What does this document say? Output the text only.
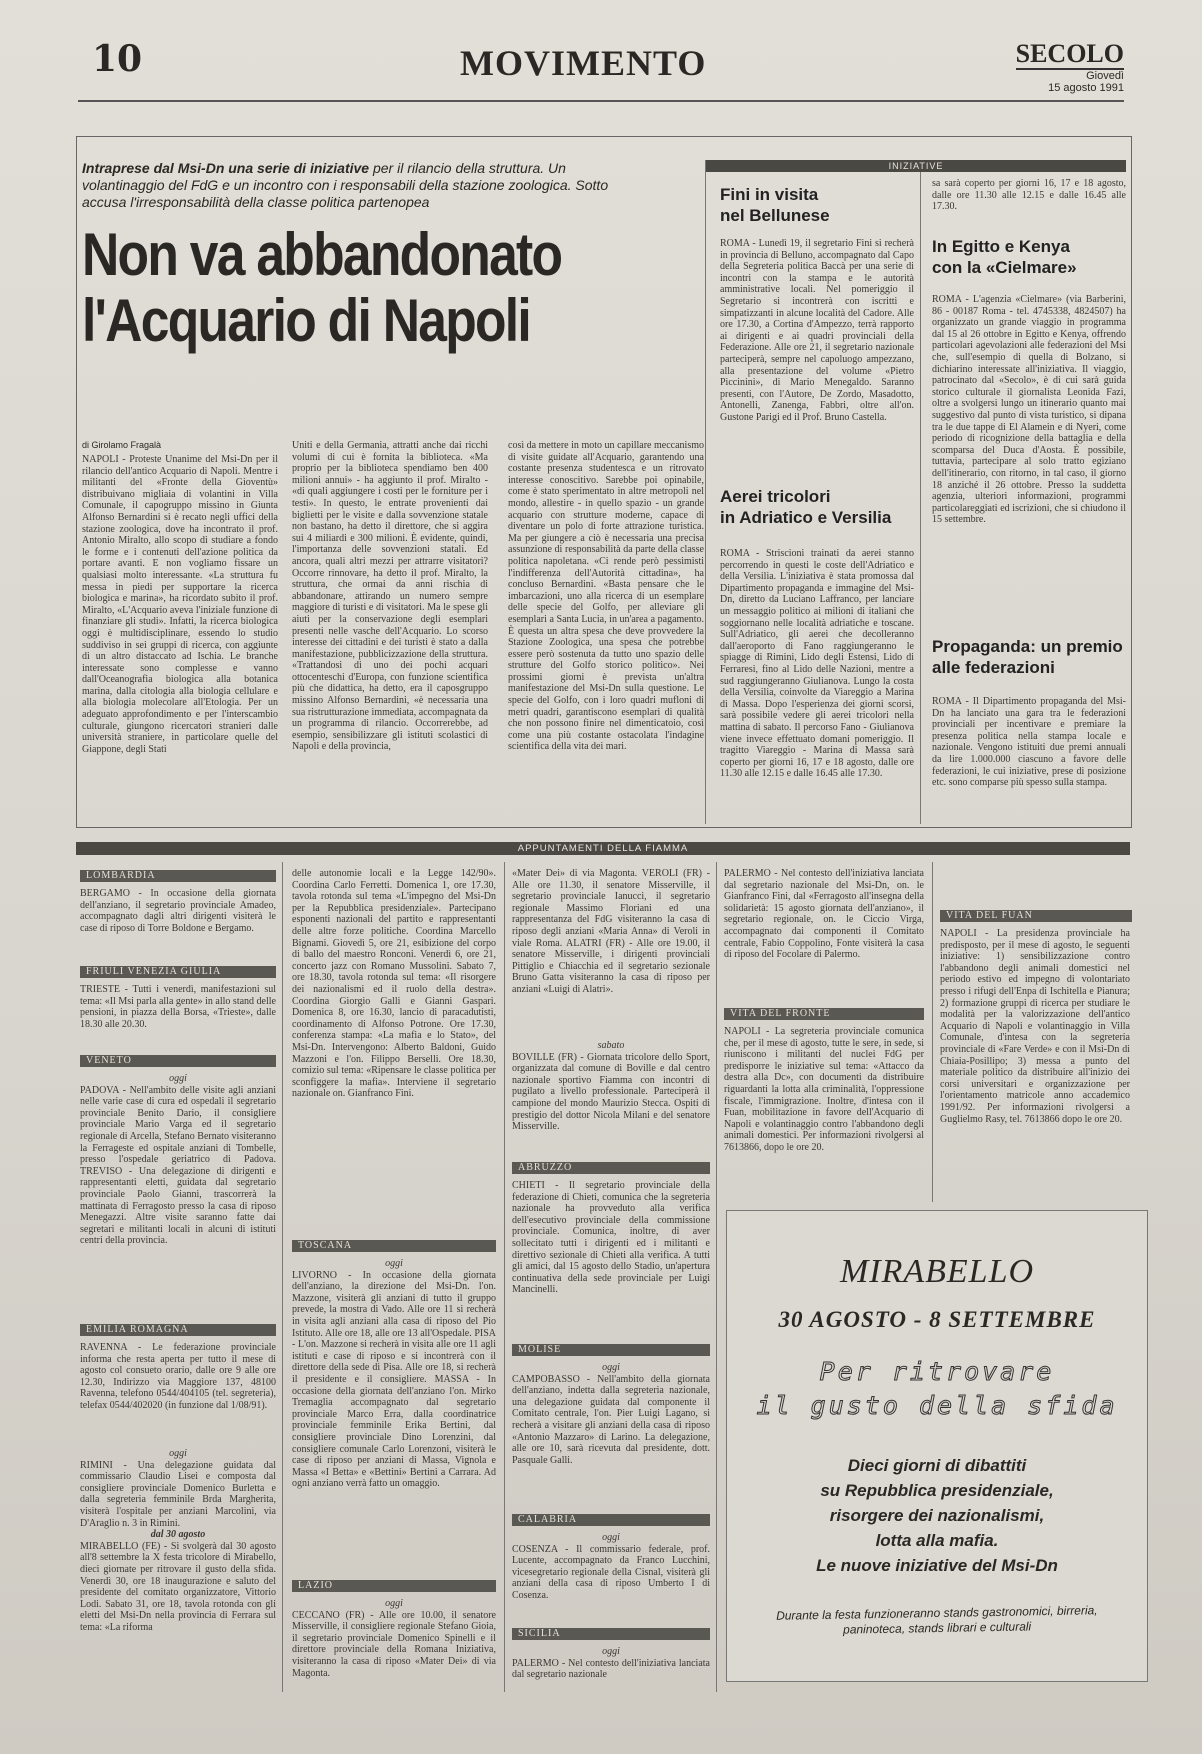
10	MOVIMENTO	SECOLO
Giovedì
15 agosto 1991
Intraprese dal Msi-Dn una serie di iniziative per il rilancio della struttura. Un volantinaggio del FdG e un incontro con i responsabili della stazione zoologica. Sotto accusa l'irresponsabilità della classe politica partenopea
Non va abbandonato
l'Acquario di Napoli
di Girolamo Fragalà
NAPOLI - Proteste Unanime del Msi-Dn per il rilancio dell'antico Acquario di Napoli. Mentre i militanti del «Fronte della Gioventù» distribuivano migliaia di volantini in Villa Comunale, il capogruppo missino in Giunta Alfonso Bernardini si è recato negli uffici della stazione zoologica, dove ha incontrato il prof. Antonio Miralto, allo scopo di studiare a fondo le forme e i contenuti dell'azione politica da portare avanti. E non vogliamo fissare un qualsiasi molto interessante. «La struttura fu messa in piedi per supportare la ricerca biologica e marina», ha ricordato subito il prof. Miralto, «L'Acquario aveva l'iniziale funzione di finanziare gli studi». Infatti, la ricerca biologica oggi è multidisciplinare, essendo lo studio suddiviso in sei gruppi di ricerca, con aggiunte di un altro distaccato ad Ischia. Le branche interessate sono complesse e vanno dall'Oceanografia biologica alla botanica marina, dalla citologia alla biologia cellulare e alla biologia molecolare all'Etologia. Per un adeguato approfondimento e per l'interscambio culturale, giungono ricercatori stranieri dalle università straniere, in particolare quelle del Giappone, degli Stati
Uniti e della Germania, attratti anche dai ricchi volumi di cui è fornita la biblioteca. «Ma proprio per la biblioteca spendiamo ben 400 milioni annui» - ha aggiunto il prof. Miralto - «di quali aggiungere i costi per le forniture per i testi». In questo, le entrate provenienti dai biglietti per le visite e dalla sovvenzione statale non bastano, ha detto il direttore, che si aggira sui 4 miliardi e 300 milioni. È evidente, quindi, l'importanza delle sovvenzioni statali. Ed ancora, quali altri mezzi per attrarre visitatori? Occorre rinnovare, ha detto il prof. Miralto, la struttura, che ormai da anni rischia di abbandonare, attirando un numero sempre maggiore di turisti e di visitatori. Ma le spese gli aiuti per la conservazione degli esemplari presenti nelle vasche dell'Acquario. Lo scorso interesse dei cittadini e dei turisti è stato a dalla manifestazione, pubblicizzazione della struttura. «Trattandosi di uno dei pochi acquari ottocenteschi d'Europa, con funzione scientifica più che didattica, ha detto, era il caposgruppo missino Alfonso Bernardini, «è necessaria una sua ristrutturazione immediata, accompagnata da un programma di rilancio. Occorrerebbe, ad esempio, sensibilizzare gli istituti scolastici di Napoli e della provincia,
così da mettere in moto un capillare meccanismo di visite guidate all'Acquario, garantendo una costante presenza studentesca e un ritrovato interesse conoscitivo. Sarebbe poi opinabile, come è stato sperimentato in altre metropoli nel mondo, allestire - in quello spazio - un grande acquario con strutture moderne, capace di diventare un polo di forte attrazione turistica. Ma per giungere a ciò è necessaria una precisa assunzione di responsabilità da parte della classe politica napoletana. «Ci rende però pessimisti l'indifferenza dell'Autorità cittadina», ha concluso Bernardini. «Basta pensare che le imbarcazioni, uno alla ricerca di un esemplare delle specie del Golfo, per alleviare gli esemplari a Santa Lucia, in un'area a pagamento. È questa un altra spesa che deve provvedere la Stazione Zoologica, una spesa che potrebbe essere però sostenuta da tutto uno spazio delle strutture del Golfo storico politico». Nei prossimi giorni è prevista un'altra manifestazione del Msi-Dn sulla questione. Le specie del Golfo, con i loro quadri mufloni di metri quadri, garantiscono esemplari di qualità che non possono finire nel dimenticatoio, così come una più costante ostacolata l'indagine scientifica della vita dei mari.
INIZIATIVE
Fini in visita
nel Bellunese
ROMA - Lunedì 19, il segretario Fini si recherà in provincia di Belluno, accompagnato dal Capo della Segreteria politica Baccà per una serie di incontri con la stampa e le autorità amministrative locali. Nel pomeriggio il Segretario si incontrerà con iscritti e simpatizzanti in alcune località del Cadore. Alle ore 17.30, a Cortina d'Ampezzo, terrà rapporto ai dirigenti e ai quadri provinciali della Federazione. Alle ore 21, il segretario nazionale parteciperà, sempre nel capoluogo ampezzano, alla presentazione del volume «Pietro Piccinini», di Mario Menegaldo. Saranno presenti, con l'Autore, De Zordo, Masadotto, Antonelli, Zanenga, Fabbri, oltre all'on. Gustone Parigi ed il Prof. Bruno Castella.
Aerei tricolori
in Adriatico e Versilia
ROMA - Striscioni trainati da aerei stanno percorrendo in questi le coste dell'Adriatico e della Versilia. L'iniziativa è stata promossa dal Dipartimento propaganda e immagine del Msi-Dn, diretto da Luciano Laffranco, per lanciare un messaggio politico ai milioni di italiani che soggiornano nelle località adriatiche e toscane. Sull'Adriatico, gli aerei che decolleranno dall'aeroporto di Fano raggiungeranno le spiagge di Rimini, Lido degli Estensi, Lido di Ferraresi, fino al Lido delle Nazioni, mentre a sud raggiungeranno Giulianova. Lungo la costa della Versilia, coinvolte da Viareggio a Marina di Massa. Dopo l'esperienza dei giorni scorsi, sarà possibile vedere gli aerei tricolori nella mattina di sabato. Il percorso Fano - Giulianova viene invece effettuato domani pomeriggio. Il tragitto Viareggio - Marina di Massa sarà coperto per giorni 16, 17 e 18 agosto, dalle ore 11.30 alle 12.15 e dalle 16.45 alle 17.30.
sa sarà coperto per giorni 16, 17 e 18 agosto, dalle ore 11.30 alle 12.15 e dalle 16.45 alle 17.30.
In Egitto e Kenya
con la «Cielmare»
ROMA - L'agenzia «Cielmare» (via Barberini, 86 - 00187 Roma - tel. 4745338, 4824507) ha organizzato un grande viaggio in programma dal 15 al 26 ottobre in Egitto e Kenya, offrendo particolari agevolazioni alle federazioni del Msi che, sull'esempio di quella di Bolzano, si dichiarino interessate all'iniziativa. Il viaggio, patrocinato dal «Secolo», è di cui sarà guida storico culturale il giornalista Leonida Fazi, oltre a svolgersi lungo un itinerario quanto mai suggestivo dal punto di vista turistico, si dipana tra le due tappe di El Alamein e di Nyeri, come periodo di ricognizione della battaglia e della scomparsa del Duca d'Aosta. È possibile, tuttavia, partecipare al solo tratto egiziano dell'itinerario, con ritorno, in tal caso, il giorno 18 anziché il 26 ottobre. Presso la suddetta agenzia, ulteriori informazioni, programmi particolareggiati ed iscrizioni, che si chiudono il 15 settembre.
Propaganda: un premio
alle federazioni
ROMA - Il Dipartimento propaganda del Msi-Dn ha lanciato una gara tra le federazioni provinciali per incentivare e premiare la presenza politica nella stampa locale e nazionale. Vengono istituiti due premi annuali da lire 1.000.000 ciascuno a favore delle federazioni, le cui iniziative, prese di posizione etc. sono comparse più spesso sulla stampa.
APPUNTAMENTI DELLA FIAMMA
LOMBARDIA
BERGAMO - In occasione della giornata dell'anziano, il segretario provinciale Amadeo, accompagnato dagli altri dirigenti visiterà le case di riposo di Torre Boldone e Bergamo.
FRIULI VENEZIA GIULIA
TRIESTE - Tutti i venerdì, manifestazioni sul tema: «Il Msi parla alla gente» in allo stand delle pensioni, in piazza della Borsa, «Trieste», dalle 18.30 alle 20.30.
VENETO
oggi
PADOVA - Nell'ambito delle visite agli anziani nelle varie case di cura ed ospedali il segretario provinciale Benito Dario, il consigliere provinciale Mario Varga ed il segretario regionale di Arcella, Stefano Bernato visiteranno la Ferrageste ed ospitale anziani di Tombelle, presso l'ospedale geriatrico di Padova. TREVISO - Una delegazione di dirigenti e rappresentanti eletti, guidata dal segretario provinciale Paolo Gianni, trascorrerà la mattinata di Ferragosto presso la casa di riposo Menegazzi. Altre visite saranno fatte dai segretari e militanti locali in alcuni di istituti centri della provincia.
EMILIA ROMAGNA
RAVENNA - Le federazione provinciale informa che resta aperta per tutto il mese di agosto col consueto orario, dalle ore 9 alle ore 12.30, Indirizzo via Maggiore 137, 48100 Ravenna, telefono 0544/404105 (tel. segreteria), telefax 0544/402020 (in funzione dal 1/08/91).
oggi
RIMINI - Una delegazione guidata dal commissario Claudio Lisei e composta dal consigliere provinciale Domenico Burletta e dalla segreteria femminile Brda Margherita, visiterà l'ospitale per anziani Marcolini, via D'Araglio n. 3 in Rimini.
dal 30 agosto
MIRABELLO (FE) - Si svolgerà dal 30 agosto all'8 settembre la X festa tricolore di Mirabello, dieci giornate per ritrovare il gusto della sfida. Venerdì 30, ore 18 inaugurazione e saluto del presidente del comitato organizzatore, Vittorio Lodi. Sabato 31, ore 18, tavola rotonda con gli eletti del Msi-Dn nella provincia di Ferrara sul tema: «La riforma
delle autonomie locali e la Legge 142/90». Coordina Carlo Ferretti. Domenica 1, ore 17.30, tavola rotonda sul tema «L'impegno del Msi-Dn per la Repubblica presidenziale». Partecipano esponenti nazionali del partito e rappresentanti delle altre forze politiche. Coordina Marcello Bignami. Giovedì 5, ore 21, esibizione del corpo di ballo del maestro Ronconi. Venerdì 6, ore 21, concerto jazz con Romano Mussolini. Sabato 7, ore 18.30, tavola rotonda sul tema: «Il risorgere dei nazionalismi ed il ruolo della destra». Coordina Giorgio Galli e Gianni Gaspari. Domenica 8, ore 16.30, lancio di paracadutisti, coordinamento di Alfonso Potrone. Ore 17.30, conferenza stampa: «La mafia e lo Stato», del Msi-Dn. Intervengono: Alberto Baldoni, Guido Mazzoni e l'on. Filippo Berselli. Ore 18.30, comizio sul tema: «Ripensare le classe politica per sconfiggere la mafia». Interviene il segretario nazionale on. Gianfranco Fini.
TOSCANA
oggi
LIVORNO - In occasione della giornata dell'anziano, la direzione del Msi-Dn. l'on. Mazzone, visiterà gli anziani di tutto il gruppo prevede, la mostra di Vado. Alle ore 11 si recherà in visita agli anziani alla casa di riposo del Pio Istituto. Alle ore 18, alle ore 13 all'Ospedale. PISA - L'on. Mazzone si recherà in visita alle ore 11 agli istituti e case di riposo e si incontrerà con il direttore della sede di Pisa. Alle ore 18, si recherà il presidente e il consigliere. MASSA - In occasione della giornata dell'anziano l'on. Mirko Tremaglia accompagnato dal segretario provinciale Marco Erra, dalla coordinatrice provinciale femminile Erika Bertini, dal consigliere provinciale Dino Lorenzini, dal consigliere comunale Carlo Lorenzoni, visiterà le case di riposo per anziani di Massa, Vignola e Massa «I Betta» e «Bettini» Bertini a Carrara. Ad ogni anziano verrà fatto un omaggio.
LAZIO
oggi
CECCANO (FR) - Alle ore 10.00, il senatore Misserville, il consigliere regionale Stefano Gioia, il segretario provinciale Domenico Spinelli e il direttore provinciale della Romana Iniziativa, visiteranno la casa di riposo «Mater Dei» di via Magonta.
«Mater Dei» di via Magonta. VEROLI (FR) - Alle ore 11.30, il senatore Misserville, il segretario provinciale Ianucci, il segretario regionale Massimo Floriani ed una rappresentanza del FdG visiteranno la casa di riposo degli anziani «Maria Anna» di Veroli in viale Roma. ALATRI (FR) - Alle ore 19.00, il senatore Misserville, i dirigenti provinciali Pittiglio e Chiacchia ed il segretario sezionale Bruno Gatta visiteranno la casa di riposo per anziani «Luigi di Alatri».
sabato
BOVILLE (FR) - Giornata tricolore dello Sport, organizzata dal comune di Boville e dal centro nazionale sportivo Fiamma con incontri di pugilato a livello professionale. Parteciperà il campione del mondo Maurizio Stecca. Ospiti di prestigio del dottor Nicola Milani e del senatore Misserville.
ABRUZZO
CHIETI - Il segretario provinciale della federazione di Chieti, comunica che la segreteria nazionale ha provveduto alla verifica dell'esecutivo provinciale della commissione provinciale. Comunica, inoltre, di aver sollecitato tutti i dirigenti ed i militanti e direttivo sezionale di Chieti alla verifica. A tutti gli amici, dal 15 agosto dello Stadio, un'apertura continuativa della sede provinciale per Luigi Mancinelli.
MOLISE
oggi
CAMPOBASSO - Nell'ambito della giornata dell'anziano, indetta dalla segreteria nazionale, una delegazione guidata dal componente il Comitato centrale, l'on. Pier Luigi Lagano, si recherà a visitare gli anziani della casa di riposo «Antonio Mazzaro» di Larino. La delegazione, alle ore 10, sarà ricevuta dal presidente, dott. Pasquale Galli.
CALABRIA
oggi
COSENZA - Il commissario federale, prof. Lucente, accompagnato da Franco Lucchini, vicesegretario regionale della Cisnal, visiterà gli anziani della casa di riposo Umberto I di Cosenza.
SICILIA
oggi
PALERMO - Nel contesto dell'iniziativa lanciata dal segretario nazionale
PALERMO - Nel contesto dell'iniziativa lanciata dal segretario nazionale del Msi-Dn, on. le Gianfranco Fini, dal «Ferragosto all'insegna della solidarietà: 15 agosto giornata dell'anziano», il segretario regionale, on. le Ciccio Virga, accompagnato dai componenti il Comitato centrale, Fabio Coppolino, Fonte visiterà la casa di riposo del Focolare di Palermo.
VITA DEL FRONTE
NAPOLI - La segreteria provinciale comunica che, per il mese di agosto, tutte le sere, in sede, si riuniscono i militanti del nuclei FdG per predisporre le iniziative sul tema: «Attacco da destra alla Dc», con documenti da distribuire riguardanti la lotta alla criminalità, l'oppressione fiscale, l'immigrazione. Inoltre, d'intesa con il Fuan, mobilitazione in favore dell'Acquario di Napoli e volantinaggio contro l'abbandono degli animali domestici. Per informazioni rivolgersi al 7613866, dopo le ore 20.
VITA DEL FUAN
NAPOLI - La presidenza provinciale ha predisposto, per il mese di agosto, le seguenti iniziative: 1) sensibilizzazione contro l'abbandono degli animali domestici nel periodo estivo ed impegno di volontariato presso i rifugi dell'Enpa di Ischitella e Pianura; 2) formazione gruppi di ricerca per studiare le modalità per la valorizzazione dell'antico Acquario di Napoli e volantinaggio in Villa Comunale, d'intesa con la segreteria provinciale di «Fare Verde» e con il Msi-Dn di Chiaia-Posillipo; 3) messa a punto del materiale politico da distribuire all'inizio dei corsi universitari e organizzazione per l'orientamento matricole anno accademico 1991/92. Per informazioni rivolgersi a Guglielmo Rasy, tel. 7613866 dopo le ore 20.
MIRABELLO
30 AGOSTO - 8 SETTEMBRE
Per ritrovare
il gusto della sfida
Dieci giorni di dibattiti
su Repubblica presidenziale,
risorgere dei nazionalismi,
lotta alla mafia.
Le nuove iniziative del Msi-Dn
Durante la festa funzioneranno stands gastronomici, birreria, paninoteca, stands librari e culturali
